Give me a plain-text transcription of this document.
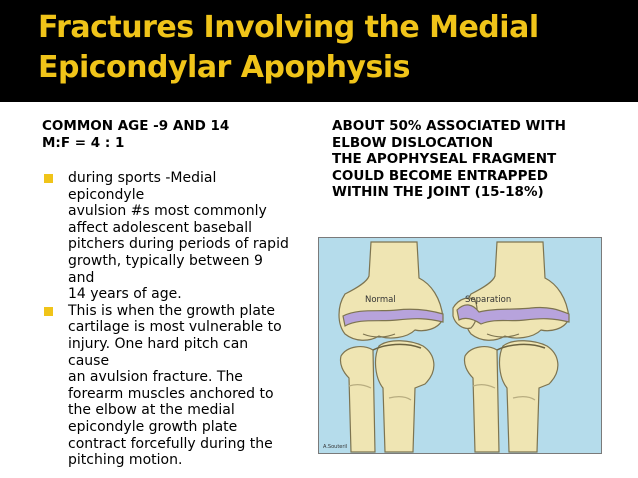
Fractures Involving the Medial
Epicondylar Apophysis
COMMON AGE -9 AND 14
M:F = 4 : 1
during sports -Medial epicondyle
avulsion #s most commonly
affect adolescent baseball
pitchers during periods of rapid
growth, typically between 9 and
14 years of age.
This is when the growth plate
cartilage is most vulnerable to
injury. One hard pitch can cause
an avulsion fracture. The
forearm muscles anchored to
the elbow at the medial
epicondyle growth plate
contract forcefully during the
pitching motion.
ABOUT 50% ASSOCIATED WITH
ELBOW DISLOCATION
THE APOPHYSEAL FRAGMENT
COULD BECOME ENTRAPPED
WITHIN THE JOINT (15-18%)
Normal	Separation
A.Souteril
